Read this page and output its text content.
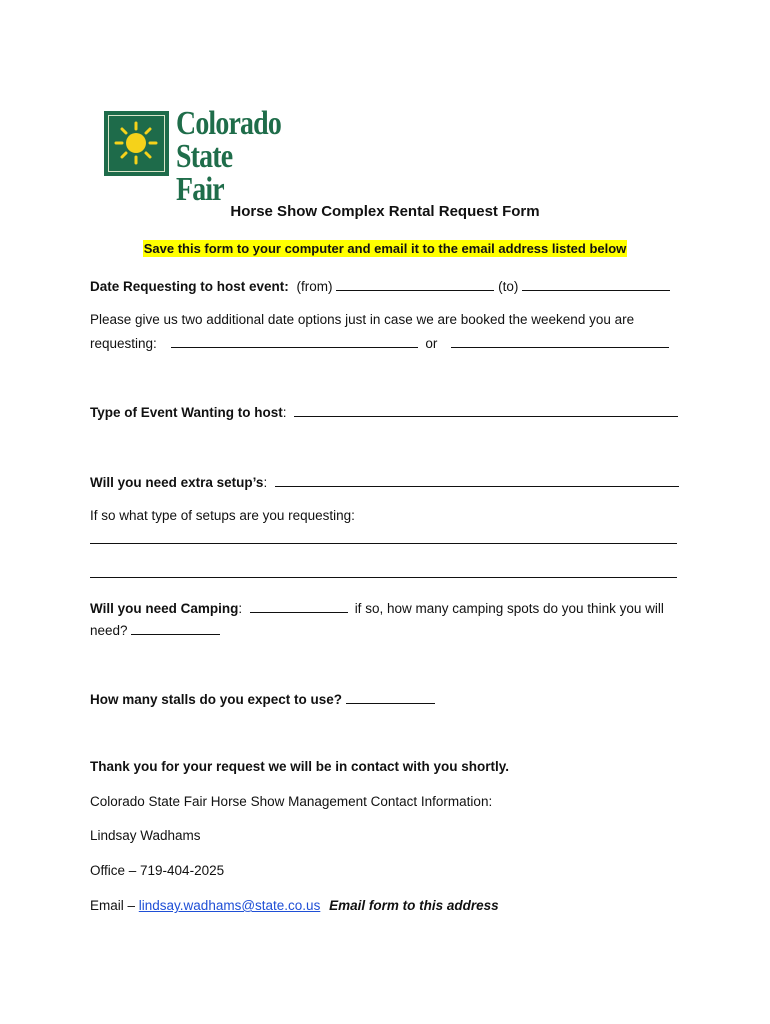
Colorado
State Fair
Horse Show Complex Rental Request Form
Save this form to your computer and email it to the email address listed below
Date Requesting to host event: (from)	(to)
Please give us two additional date options just in case we are booked the weekend you are
requesting:	or
Type of Event Wanting to host:
Will you need extra setup’s:
If so what type of setups are you requesting:
Will you need Camping:	if so, how many camping spots do you think you will
need?
How many stalls do you expect to use?
Thank you for your request we will be in contact with you shortly.
Colorado State Fair Horse Show Management Contact Information:
Lindsay Wadhams
Office – 719-404-2025
Email – lindsay.wadhams@state.co.us Email form to this address
